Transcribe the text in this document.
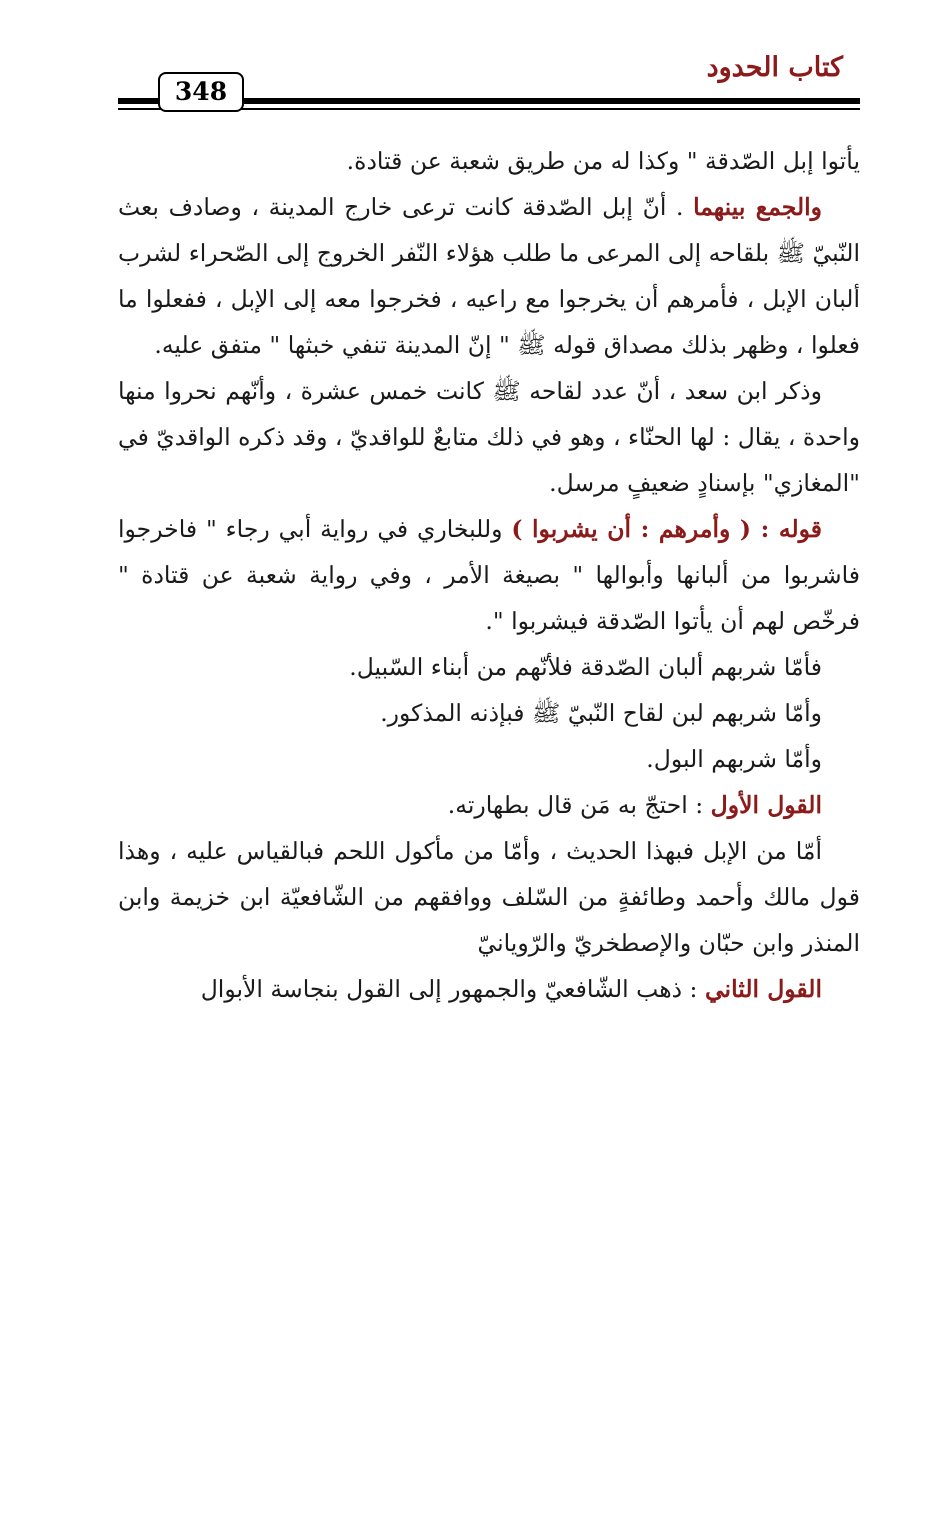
كتاب الحدود
348

يأتوا إبل الصّدقة " وكذا له من طريق شعبة عن قتادة.

والجمع بينهما . أنّ إبل الصّدقة كانت ترعى خارج المدينة ، وصادف بعث النّبيّ ﷺ بلقاحه إلى المرعى ما طلب هؤلاء النّفر الخروج إلى الصّحراء لشرب ألبان الإبل ، فأمرهم أن يخرجوا مع راعيه ، فخرجوا معه إلى الإبل ، ففعلوا ما فعلوا ، وظهر بذلك مصداق قوله ﷺ " إنّ المدينة تنفي خبثها " متفق عليه.

وذكر ابن سعد ، أنّ عدد لقاحه ﷺ كانت خمس عشرة ، وأنّهم نحروا منها واحدة ، يقال : لها الحنّاء ، وهو في ذلك متابعٌ للواقديّ ، وقد ذكره الواقديّ في "المغازي" بإسنادٍ ضعيفٍ مرسل.

قوله : ( وأمرهم : أن يشربوا ) وللبخاري في رواية أبي رجاء " فاخرجوا فاشربوا من ألبانها وأبوالها " بصيغة الأمر ، وفي رواية شعبة عن قتادة " فرخّص لهم أن يأتوا الصّدقة فيشربوا ".

فأمّا شربهم ألبان الصّدقة فلأنّهم من أبناء السّبيل.

وأمّا شربهم لبن لقاح النّبيّ ﷺ فبإذنه المذكور.

وأمّا شربهم البول.

القول الأول : احتجّ به مَن قال بطهارته.

أمّا من الإبل فبهذا الحديث ، وأمّا من مأكول اللحم فبالقياس عليه ، وهذا قول مالك وأحمد وطائفةٍ من السّلف ووافقهم من الشّافعيّة ابن خزيمة وابن المنذر وابن حبّان والإصطخريّ والرّويانيّ

القول الثاني : ذهب الشّافعيّ والجمهور إلى القول بنجاسة الأبوال
